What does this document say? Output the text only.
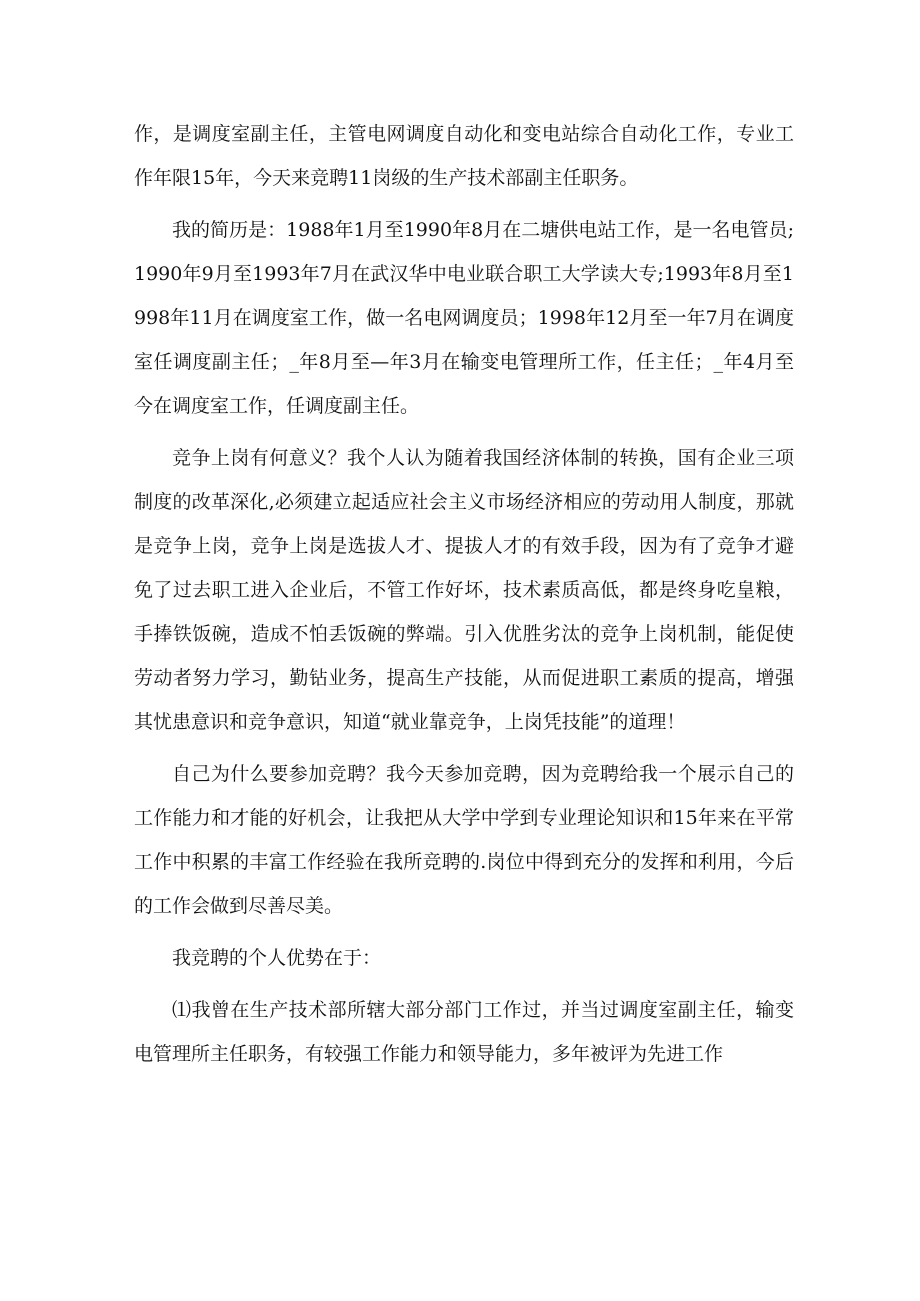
作，是调度室副主任，主管电网调度自动化和变电站综合自动化工作，专业工作年限15年，今天来竞聘11岗级的生产技术部副主任职务。

我的简历是：1988年1月至1990年8月在二塘供电站工作，是一名电管员;1990年9月至1993年7月在武汉华中电业联合职工大学读大专;1993年8月至1998年11月在调度室工作，做一名电网调度员；1998年12月至一年7月在调度室任调度副主任；_年8月至—年3月在输变电管理所工作，任主任；_年4月至今在调度室工作，任调度副主任。

竞争上岗有何意义？我个人认为随着我国经济体制的转换，国有企业三项制度的改革深化,必须建立起适应社会主义市场经济相应的劳动用人制度，那就是竞争上岗，竞争上岗是选拔人才、提拔人才的有效手段，因为有了竞争才避免了过去职工进入企业后，不管工作好坏，技术素质高低，都是终身吃皇粮，手捧铁饭碗，造成不怕丢饭碗的弊端。引入优胜劣汰的竞争上岗机制，能促使劳动者努力学习，勤钻业务，提高生产技能，从而促进职工素质的提高，增强其忧患意识和竞争意识，知道“就业靠竞争，上岗凭技能”的道理！

自己为什么要参加竞聘？我今天参加竞聘，因为竞聘给我一个展示自己的工作能力和才能的好机会，让我把从大学中学到专业理论知识和15年来在平常工作中积累的丰富工作经验在我所竞聘的.岗位中得到充分的发挥和利用，今后的工作会做到尽善尽美。

我竞聘的个人优势在于：

⑴我曾在生产技术部所辖大部分部门工作过，并当过调度室副主任，输变电管理所主任职务，有较强工作能力和领导能力，多年被评为先进工作
